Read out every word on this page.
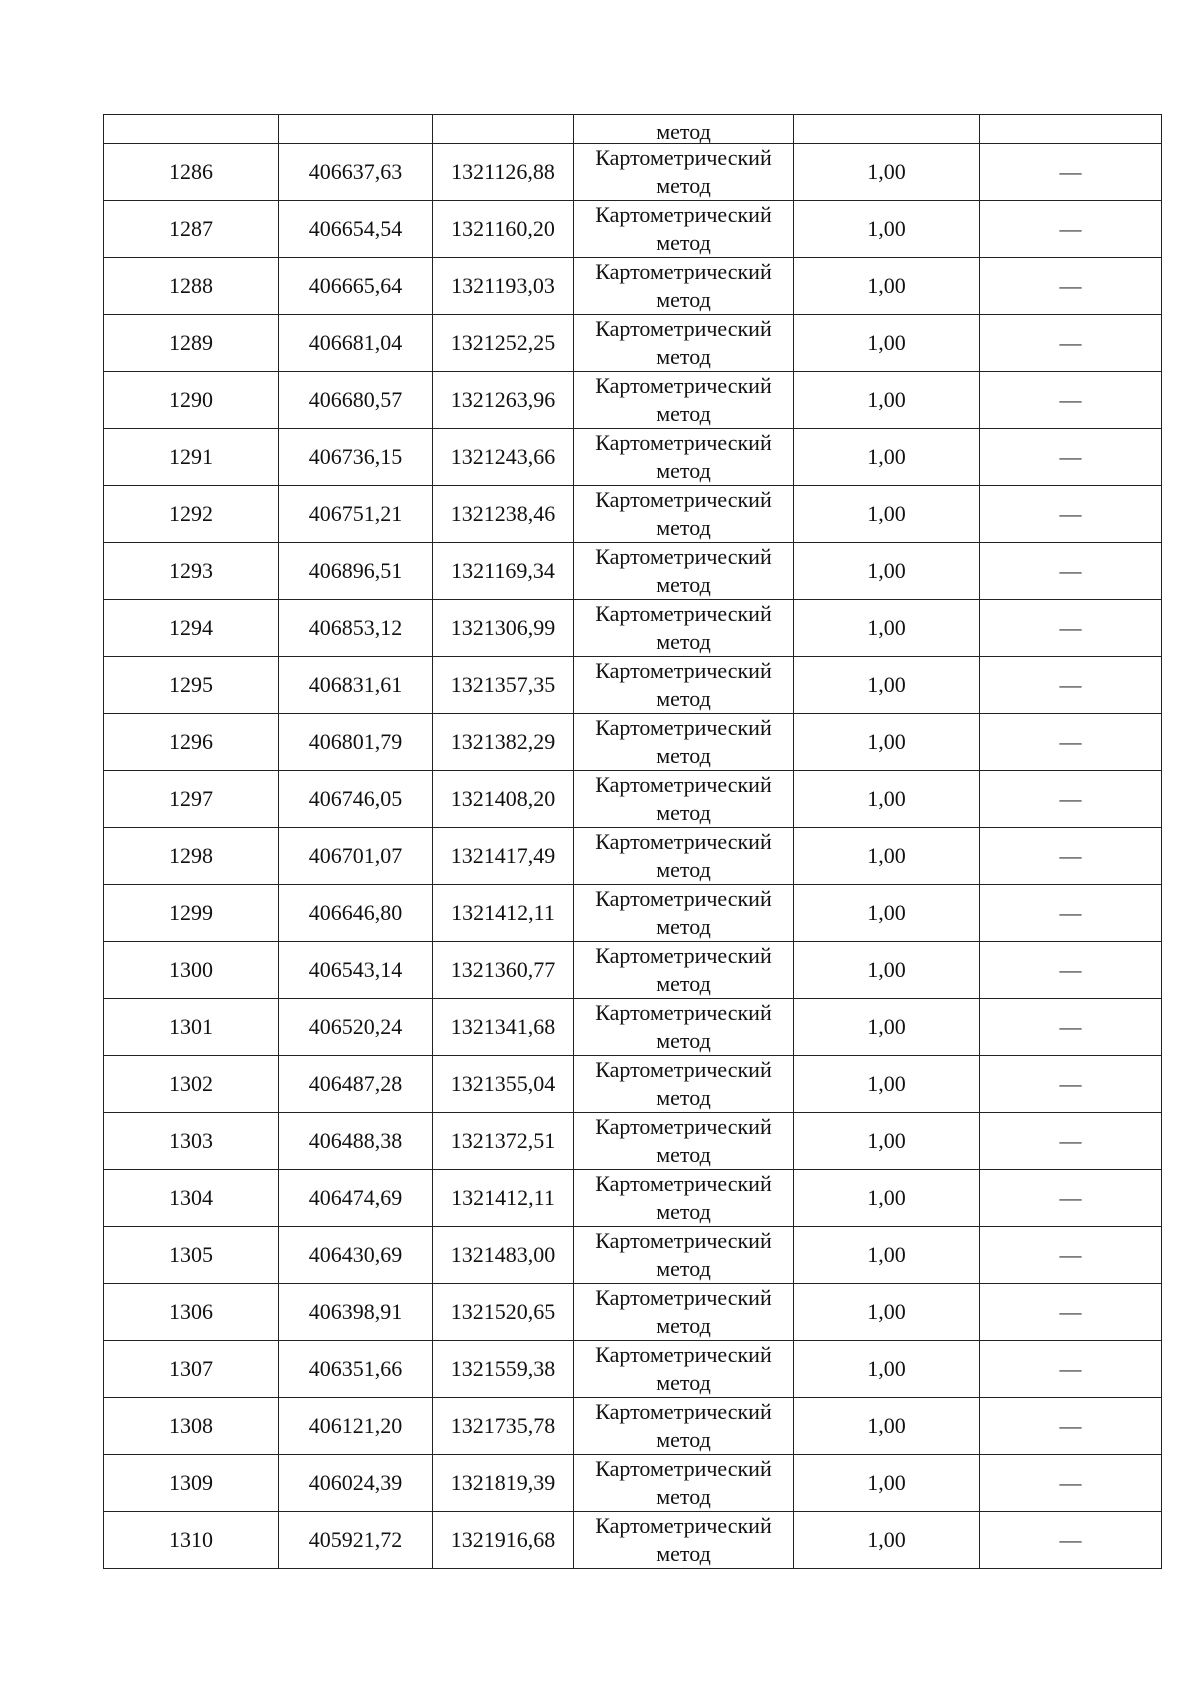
			метод		
1286	406637,63	1321126,88	Картометрический
метод	1,00	—
1287	406654,54	1321160,20	Картометрический
метод	1,00	—
1288	406665,64	1321193,03	Картометрический
метод	1,00	—
1289	406681,04	1321252,25	Картометрический
метод	1,00	—
1290	406680,57	1321263,96	Картометрический
метод	1,00	—
1291	406736,15	1321243,66	Картометрический
метод	1,00	—
1292	406751,21	1321238,46	Картометрический
метод	1,00	—
1293	406896,51	1321169,34	Картометрический
метод	1,00	—
1294	406853,12	1321306,99	Картометрический
метод	1,00	—
1295	406831,61	1321357,35	Картометрический
метод	1,00	—
1296	406801,79	1321382,29	Картометрический
метод	1,00	—
1297	406746,05	1321408,20	Картометрический
метод	1,00	—
1298	406701,07	1321417,49	Картометрический
метод	1,00	—
1299	406646,80	1321412,11	Картометрический
метод	1,00	—
1300	406543,14	1321360,77	Картометрический
метод	1,00	—
1301	406520,24	1321341,68	Картометрический
метод	1,00	—
1302	406487,28	1321355,04	Картометрический
метод	1,00	—
1303	406488,38	1321372,51	Картометрический
метод	1,00	—
1304	406474,69	1321412,11	Картометрический
метод	1,00	—
1305	406430,69	1321483,00	Картометрический
метод	1,00	—
1306	406398,91	1321520,65	Картометрический
метод	1,00	—
1307	406351,66	1321559,38	Картометрический
метод	1,00	—
1308	406121,20	1321735,78	Картометрический
метод	1,00	—
1309	406024,39	1321819,39	Картометрический
метод	1,00	—
1310	405921,72	1321916,68	Картометрический
метод	1,00	—
